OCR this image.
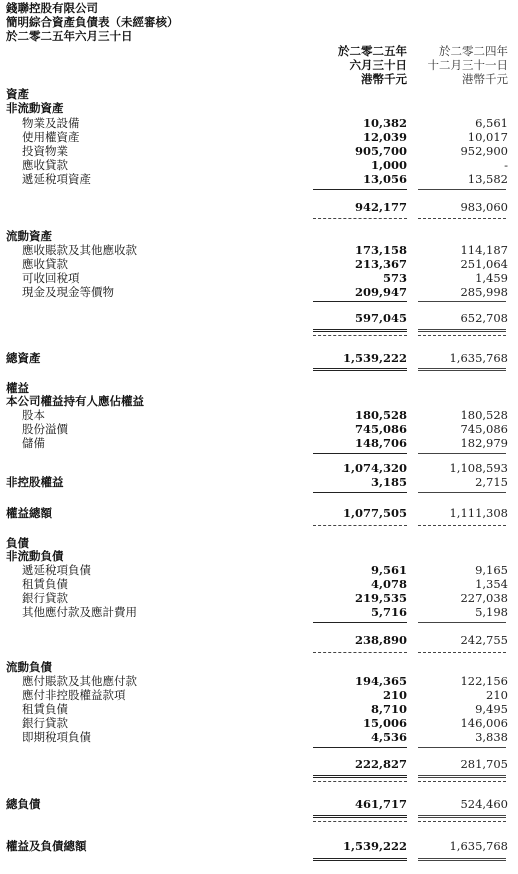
錢聯控股有限公司
簡明綜合資產負債表（未經審核）
於二零二五年六月三十日
於二零二五年
六月三十日
港幣千元
於二零二四年
十二月三十一日
港幣千元
資產
非流動資產
物業及設備	10,382	6,561
使用權資產	12,039	10,017
投資物業	905,700	952,900
應收貸款	1,000	-
遞延稅項資產	13,056	13,582
942,177	983,060
流動資產
應收賬款及其他應收款	173,158	114,187
應收貸款	213,367	251,064
可收回稅項	573	1,459
現金及現金等價物	209,947	285,998
597,045	652,708
總資產	1,539,222	1,635,768
權益
本公司權益持有人應佔權益
股本	180,528	180,528
股份溢價	745,086	745,086
儲備	148,706	182,979
1,074,320	1,108,593
非控股權益	3,185	2,715
權益總額	1,077,505	1,111,308
負債
非流動負債
遞延稅項負債	9,561	9,165
租賃負債	4,078	1,354
銀行貸款	219,535	227,038
其他應付款及應計費用	5,716	5,198
238,890	242,755
流動負債
應付賬款及其他應付款	194,365	122,156
應付非控股權益款項	210	210
租賃負債	8,710	9,495
銀行貸款	15,006	146,006
即期稅項負債	4,536	3,838
222,827	281,705
總負債	461,717	524,460
權益及負債總額	1,539,222	1,635,768
